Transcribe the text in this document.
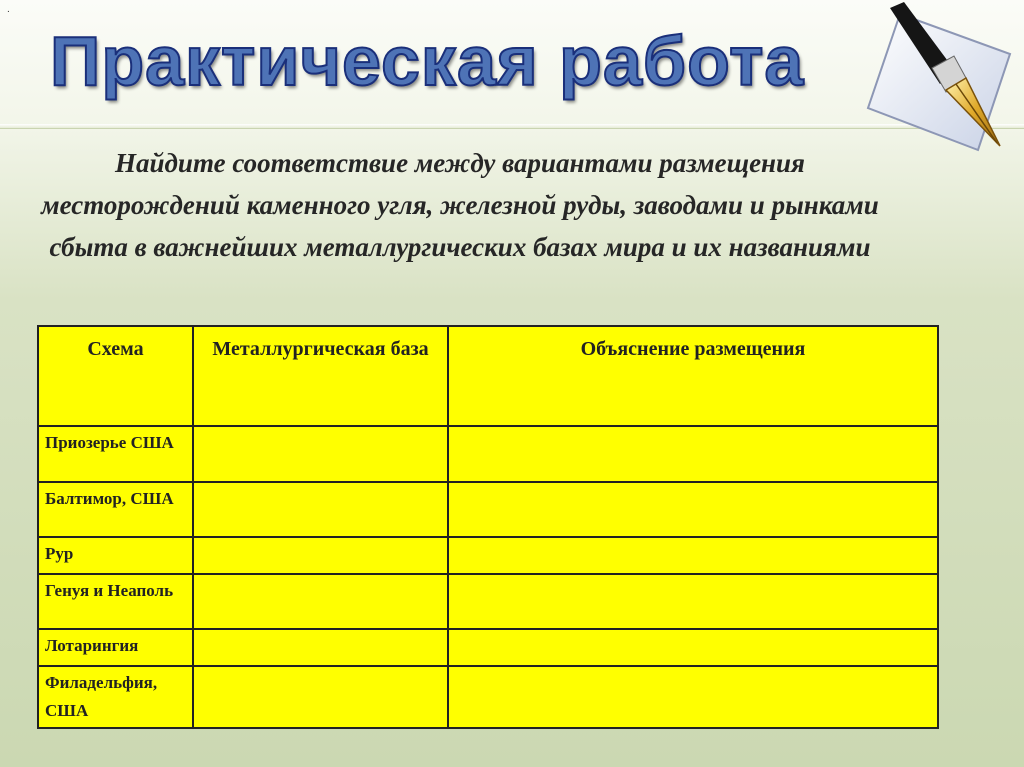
.
Практическая работа

Найдите соответствие между вариантами размещения месторождений каменного угля, железной руды, заводами и рынками сбыта в важнейших металлургических базах мира и их названиями

Схема	Металлургическая база	Объяснение размещения
Приозерье США		
Балтимор, США		
Рур		
Генуя и Неаполь		
Лотарингия		
Филадельфия, США		
